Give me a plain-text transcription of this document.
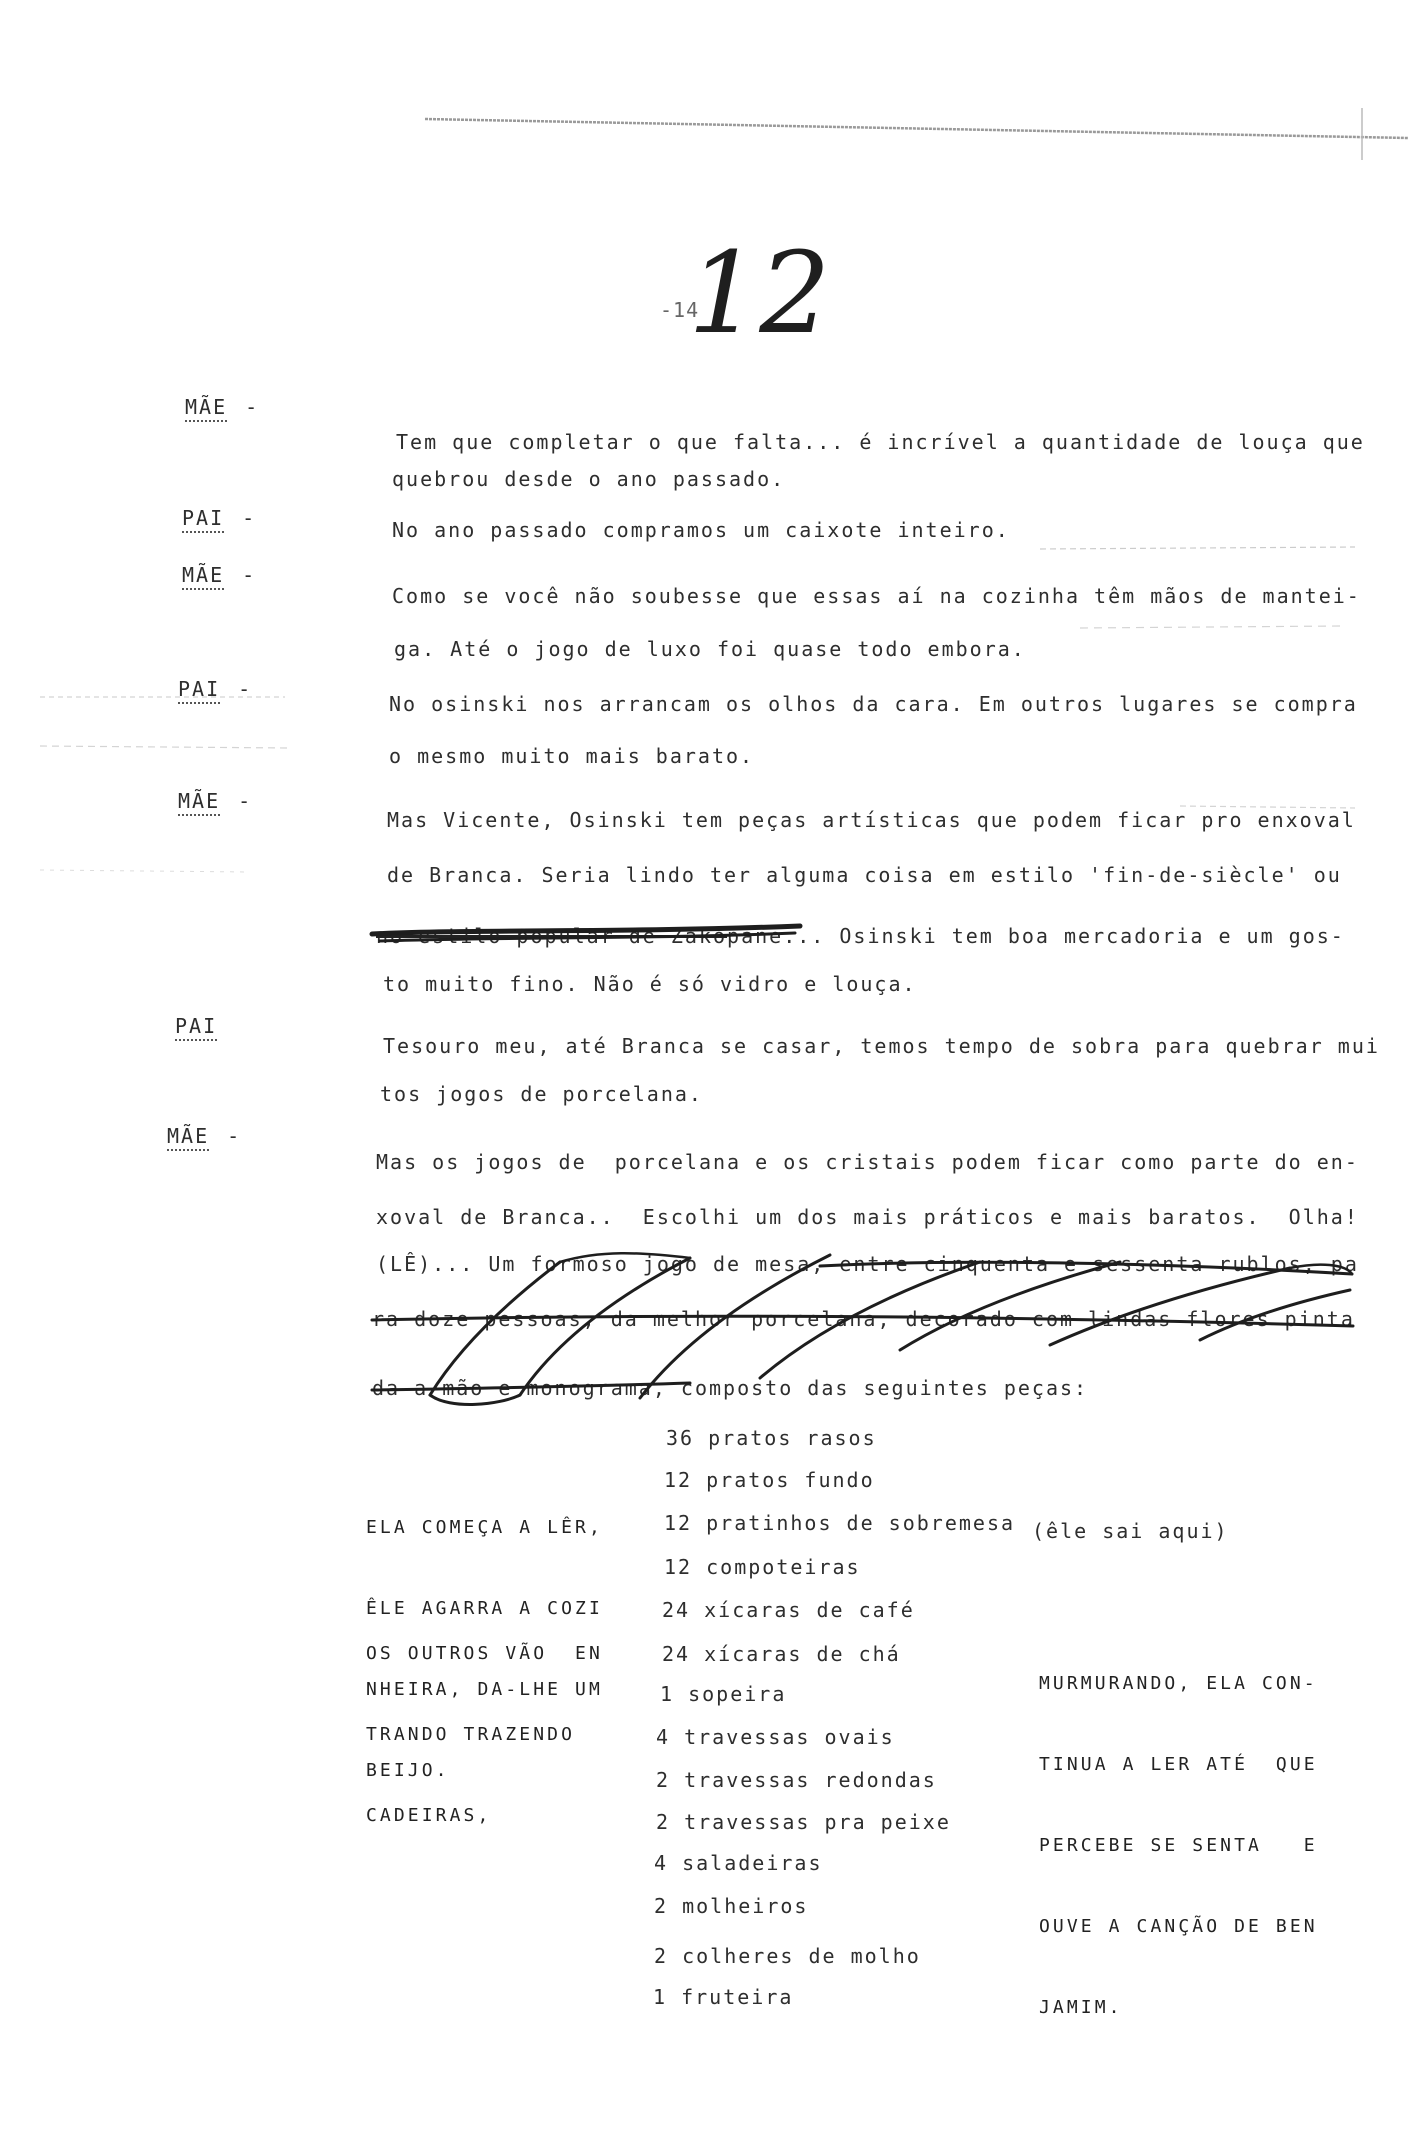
-14
12
MÃE -
PAI -
MÃE -
PAI -
MÃE -
PAI
MÃE -
Tem que completar o que falta... é incrível a quantidade de louça que
quebrou desde o ano passado.
No ano passado compramos um caixote inteiro.
Como se você não soubesse que essas aí na cozinha têm mãos de mantei-
ga. Até o jogo de luxo foi quase todo embora.
No osinski nos arrancam os olhos da cara. Em outros lugares se compra
o mesmo muito mais barato.
Mas Vicente, Osinski tem peças artísticas que podem ficar pro enxoval
de Branca. Seria lindo ter alguma coisa em estilo 'fin-de-siècle' ou
no estilo popular de Zakopane... Osinski tem boa mercadoria e um gos-
to muito fino. Não é só vidro e louça.
Tesouro meu, até Branca se casar, temos tempo de sobra para quebrar mui
tos jogos de porcelana.
Mas os jogos de  porcelana e os cristais podem ficar como parte do en-
xoval de Branca..  Escolhi um dos mais práticos e mais baratos.  Olha!
(LÊ)... Um formoso jogo de mesa, entre cinquenta e sessenta rublos, pa
ra doze pessoas, da melhor porcelana, decorado com lindas flores pinta
da a mão e monograma, composto das seguintes peças:

ELA COMEÇA A LÊR,

ÊLE AGARRA A COZI

NHEIRA, DA-LHE UM

BEIJO.

OS OUTROS VÃO  EN

TRANDO TRAZENDO

CADEIRAS,

36 pratos rasos
12 pratos fundo
12 pratinhos de sobremesa (êle sai aqui)
12 compoteiras
24 xícaras de café
24 xícaras de chá
1 sopeira
4 travessas ovais
2 travessas redondas
2 travessas pra peixe
4 saladeiras
2 molheiros
2 colheres de molho
1 fruteira

MURMURANDO, ELA CON-

TINUA A LER ATÉ  QUE

PERCEBE SE SENTA   E

OUVE A CANÇÃO DE BEN

JAMIM.
